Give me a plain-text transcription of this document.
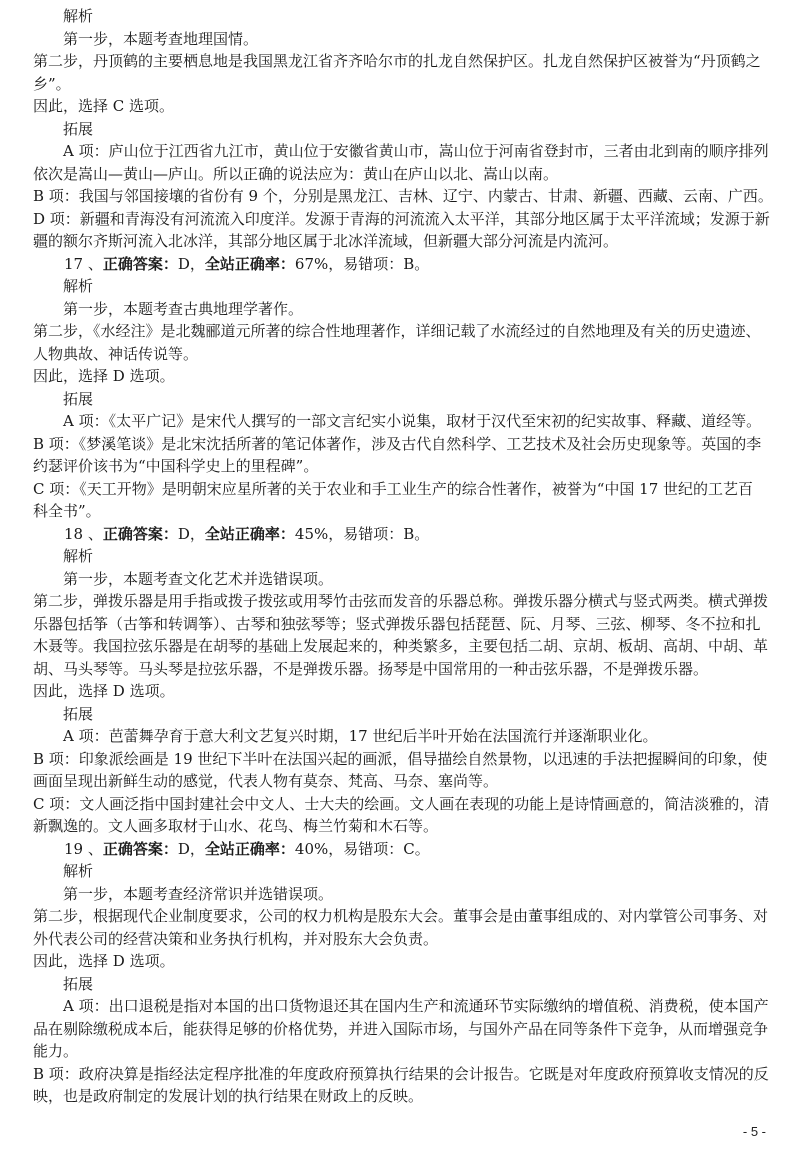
解析
第一步，本题考查地理国情。
第二步，丹顶鹤的主要栖息地是我国黑龙江省齐齐哈尔市的扎龙自然保护区。扎龙自然保护区被誉为“丹顶鹤之
乡”。
因此，选择 C 选项。
拓展
A 项：庐山位于江西省九江市，黄山位于安徽省黄山市，嵩山位于河南省登封市，三者由北到南的顺序排列
依次是嵩山—黄山—庐山。所以正确的说法应为：黄山在庐山以北、嵩山以南。
B 项：我国与邻国接壤的省份有 9 个，分别是黑龙江、吉林、辽宁、内蒙古、甘肃、新疆、西藏、云南、广西。
D 项：新疆和青海没有河流流入印度洋。发源于青海的河流流入太平洋，其部分地区属于太平洋流域；发源于新
疆的额尔齐斯河流入北冰洋，其部分地区属于北冰洋流域，但新疆大部分河流是内流河。
17 、正确答案：D，全站正确率：67%，易错项：B。
解析
第一步，本题考查古典地理学著作。
第二步，《水经注》是北魏郦道元所著的综合性地理著作，详细记载了水流经过的自然地理及有关的历史遗迹、
人物典故、神话传说等。
因此，选择 D 选项。
拓展
A 项：《太平广记》是宋代人撰写的一部文言纪实小说集，取材于汉代至宋初的纪实故事、释藏、道经等。
B 项：《梦溪笔谈》是北宋沈括所著的笔记体著作，涉及古代自然科学、工艺技术及社会历史现象等。英国的李
约瑟评价该书为“中国科学史上的里程碑”。
C 项：《天工开物》是明朝宋应星所著的关于农业和手工业生产的综合性著作，被誉为“中国 17 世纪的工艺百
科全书”。
18 、正确答案：D，全站正确率：45%，易错项：B。
解析
第一步，本题考查文化艺术并选错误项。
第二步，弹拨乐器是用手指或拨子拨弦或用琴竹击弦而发音的乐器总称。弹拨乐器分横式与竖式两类。横式弹拨
乐器包括筝（古筝和转调筝）、古琴和独弦琴等；竖式弹拨乐器包括琵琶、阮、月琴、三弦、柳琴、冬不拉和扎
木聂等。我国拉弦乐器是在胡琴的基础上发展起来的，种类繁多，主要包括二胡、京胡、板胡、高胡、中胡、革
胡、马头琴等。马头琴是拉弦乐器，不是弹拨乐器。扬琴是中国常用的一种击弦乐器，不是弹拨乐器。
因此，选择 D 选项。
拓展
A 项：芭蕾舞孕育于意大利文艺复兴时期，17 世纪后半叶开始在法国流行并逐渐职业化。
B 项：印象派绘画是 19 世纪下半叶在法国兴起的画派，倡导描绘自然景物，以迅速的手法把握瞬间的印象，使
画面呈现出新鲜生动的感觉，代表人物有莫奈、梵高、马奈、塞尚等。
C 项：文人画泛指中国封建社会中文人、士大夫的绘画。文人画在表现的功能上是诗情画意的，简洁淡雅的，清
新飘逸的。文人画多取材于山水、花鸟、梅兰竹菊和木石等。
19 、正确答案：D，全站正确率：40%，易错项：C。
解析
第一步，本题考查经济常识并选错误项。
第二步，根据现代企业制度要求，公司的权力机构是股东大会。董事会是由董事组成的、对内掌管公司事务、对
外代表公司的经营决策和业务执行机构，并对股东大会负责。
因此，选择 D 选项。
拓展
A 项：出口退税是指对本国的出口货物退还其在国内生产和流通环节实际缴纳的增值税、消费税，使本国产
品在剔除缴税成本后，能获得足够的价格优势，并进入国际市场，与国外产品在同等条件下竞争，从而增强竞争
能力。
B 项：政府决算是指经法定程序批准的年度政府预算执行结果的会计报告。它既是对年度政府预算收支情况的反
映，也是政府制定的发展计划的执行结果在财政上的反映。
- 5 -
